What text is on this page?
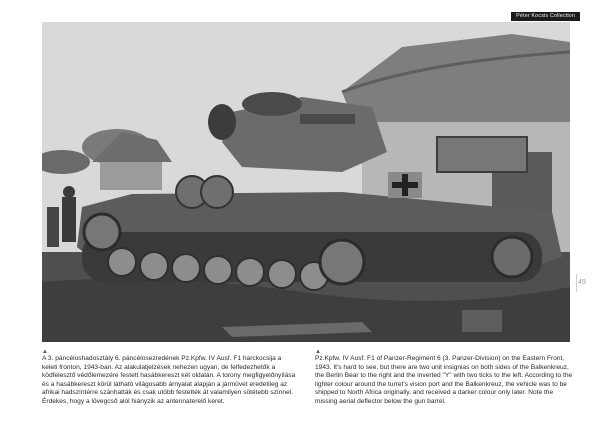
Péter Kocsis Collection
49
▲
A 3. páncéloshadosztály 6. páncélosezredének Pz.Kpfw. IV Ausf. F1 harckocsija a keleti fronton, 1943-ban. Az alakulatjelzések nehezen ugyan, de felfedezhetők a ködfelesztő védőlemezére festett hasábkereszt két oldalán. A torony megfigyelőnyílása és a hasábkereszt körül látható világosabb árnyalat alapján a jármüvet eredetileg az afrikai hadszíntérre szánhatták és csak utóbb festették át valamilyen sötétebb színnel. Érdekes, hogy a lövegcső alól hiányzik az antennaterelő keret.
▲
Pz.Kpfw. IV Ausf. F1 of Panzer-Regiment 6 (3. Panzer-Division) on the Eastern Front, 1943. It's hard to see, but there are two unit insignias on both sides of the Balkenkreuz, the Berlin Bear to the right and the inverted "Y" with two ticks to the left. According to the lighter colour around the turret's vision port and the Balkenkreuz, the vehicle was to be shipped to North Africa originally, and received a darker colour only later. Note the missing aerial deflector below the gun barrel.
